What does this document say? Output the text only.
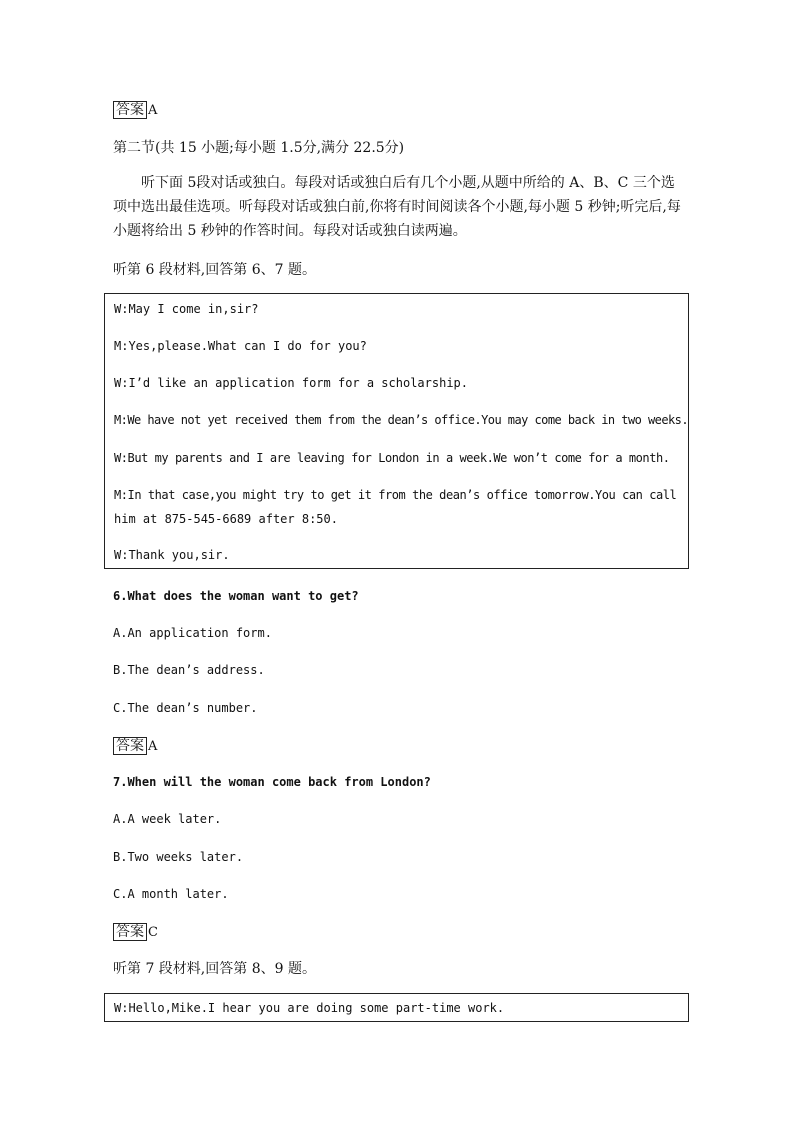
答案 A
第二节(共 15 小题;每小题 1.5分,满分 22.5分)
听下面 5段对话或独白。每段对话或独白后有几个小题,从题中所给的 A、B、C 三个选项中选出最佳选项。听每段对话或独白前,你将有时间阅读各个小题,每小题 5 秒钟;听完后,每小题将给出 5 秒钟的作答时间。每段对话或独白读两遍。
听第 6 段材料,回答第 6、7 题。
W:May I come in,sir?
M:Yes,please.What can I do for you?
W:I’d like an application form for a scholarship.
M:We have not yet received them from the dean’s office.You may come back in two weeks.
W:But my parents and I are leaving for London in a week.We won’t come for a month.
M:In that case,you might try to get it from the dean’s office tomorrow.You can call
him at 875-545-6689 after 8:50.
W:Thank you,sir.
6.What does the woman want to get?
A.An application form.
B.The dean’s address.
C.The dean’s number.
答案 A
7.When will the woman come back from London?
A.A week later.
B.Two weeks later.
C.A month later.
答案 C
听第 7 段材料,回答第 8、9 题。
W:Hello,Mike.I hear you are doing some part-time work.
